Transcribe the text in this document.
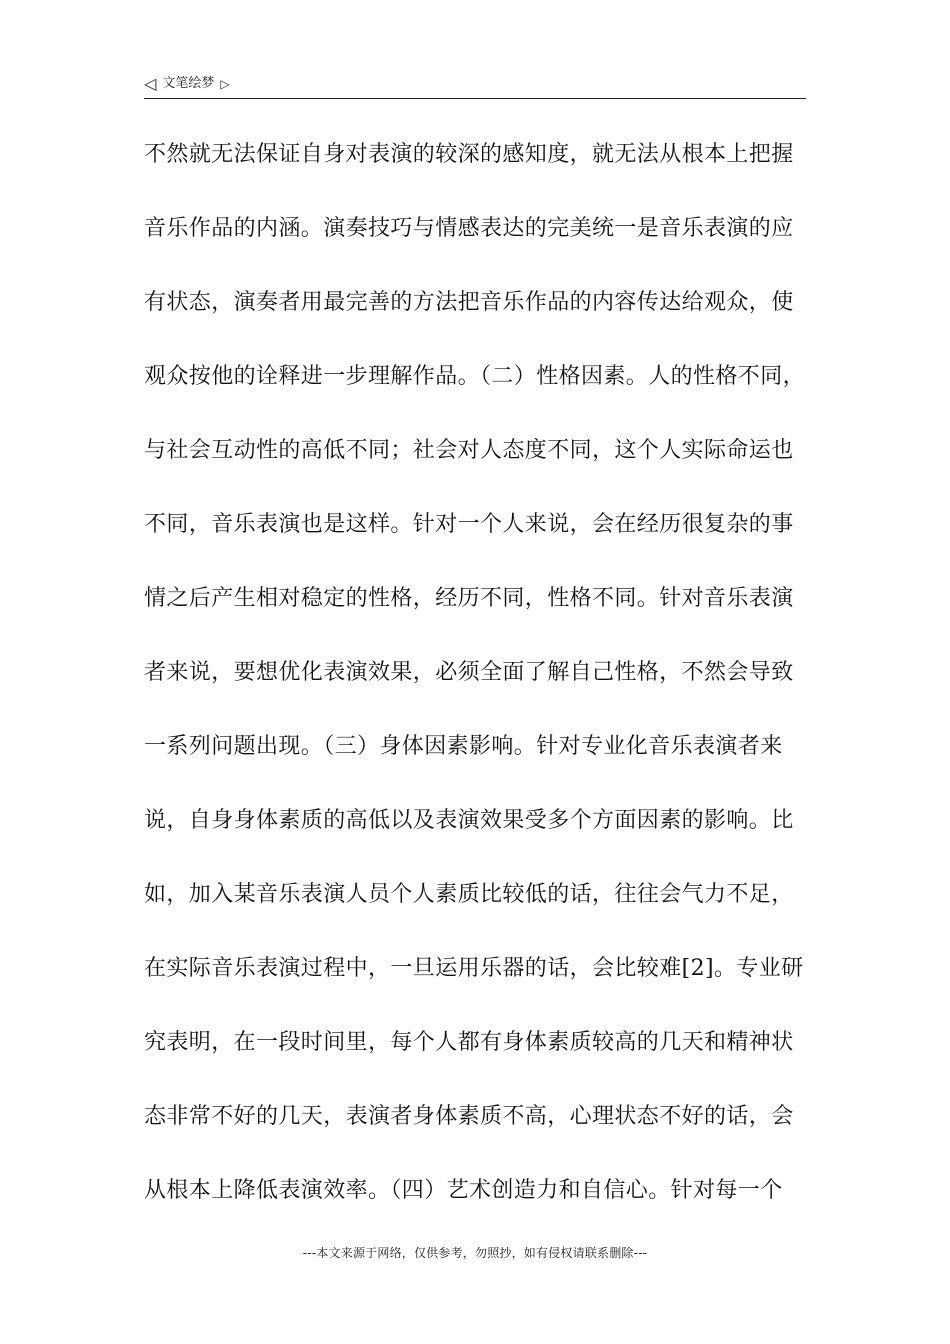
◁ 文笔绘梦 ▷
不然就无法保证自身对表演的较深的感知度，就无法从根本上把握
音乐作品的内涵。演奏技巧与情感表达的完美统一是音乐表演的应
有状态，演奏者用最完善的方法把音乐作品的内容传达给观众，使
观众按他的诠释进一步理解作品。（二）性格因素。人的性格不同，
与社会互动性的高低不同；社会对人态度不同，这个人实际命运也
不同，音乐表演也是这样。针对一个人来说，会在经历很复杂的事
情之后产生相对稳定的性格，经历不同，性格不同。针对音乐表演
者来说，要想优化表演效果，必须全面了解自己性格，不然会导致
一系列问题出现。（三）身体因素影响。针对专业化音乐表演者来
说，自身身体素质的高低以及表演效果受多个方面因素的影响。比
如，加入某音乐表演人员个人素质比较低的话，往往会气力不足，
在实际音乐表演过程中，一旦运用乐器的话，会比较难[2]。专业研
究表明，在一段时间里，每个人都有身体素质较高的几天和精神状
态非常不好的几天，表演者身体素质不高，心理状态不好的话，会
从根本上降低表演效率。（四）艺术创造力和自信心。针对每一个
---本文来源于网络，仅供参考，勿照抄，如有侵权请联系删除---
